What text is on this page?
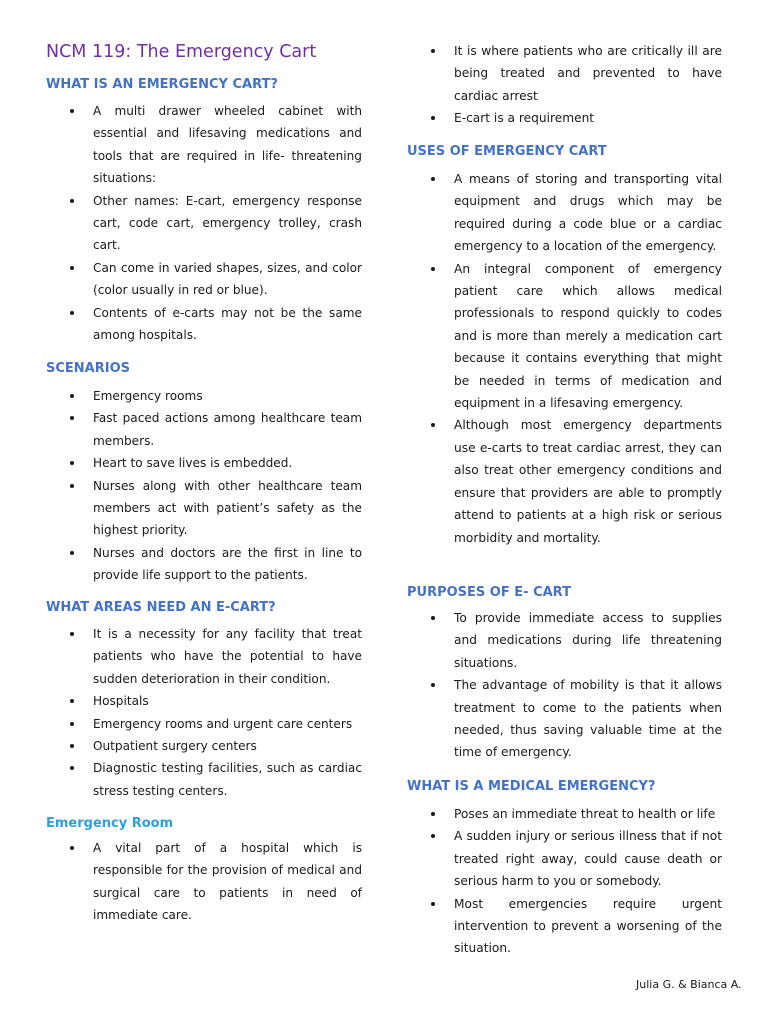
NCM 119: The Emergency Cart
WHAT IS AN EMERGENCY CART?
A multi drawer wheeled cabinet with essential and lifesaving medications and tools that are required in life- threatening situations:
Other names: E-cart, emergency response cart, code cart, emergency trolley, crash cart.
Can come in varied shapes, sizes, and color (color usually in red or blue).
Contents of e-carts may not be the same among hospitals.
SCENARIOS
Emergency rooms
Fast paced actions among healthcare team members.
Heart to save lives is embedded.
Nurses along with other healthcare team members act with patient’s safety as the highest priority.
Nurses and doctors are the first in line to provide life support to the patients.
WHAT AREAS NEED AN E-CART?
It is a necessity for any facility that treat patients who have the potential to have sudden deterioration in their condition.
Hospitals
Emergency rooms and urgent care centers
Outpatient surgery centers
Diagnostic testing facilities, such as cardiac stress testing centers.
Emergency Room
A vital part of a hospital which is responsible for the provision of medical and surgical care to patients in need of immediate care.
It is where patients who are critically ill are being treated and prevented to have cardiac arrest
E-cart is a requirement
USES OF EMERGENCY CART
A means of storing and transporting vital equipment and drugs which may be required during a code blue or a cardiac emergency to a location of the emergency.
An integral component of emergency patient care which allows medical professionals to respond quickly to codes and is more than merely a medication cart because it contains everything that might be needed in terms of medication and equipment in a lifesaving emergency.
Although most emergency departments use e-carts to treat cardiac arrest, they can also treat other emergency conditions and ensure that providers are able to promptly attend to patients at a high risk or serious morbidity and mortality.
PURPOSES OF E- CART
To provide immediate access to supplies and medications during life threatening situations.
The advantage of mobility is that it allows treatment to come to the patients when needed, thus saving valuable time at the time of emergency.
WHAT IS A MEDICAL EMERGENCY?
Poses an immediate threat to health or life
A sudden injury or serious illness that if not treated right away, could cause death or serious harm to you or somebody.
Most emergencies require urgent intervention to prevent a worsening of the situation.
Julia G. & Bianca A.
